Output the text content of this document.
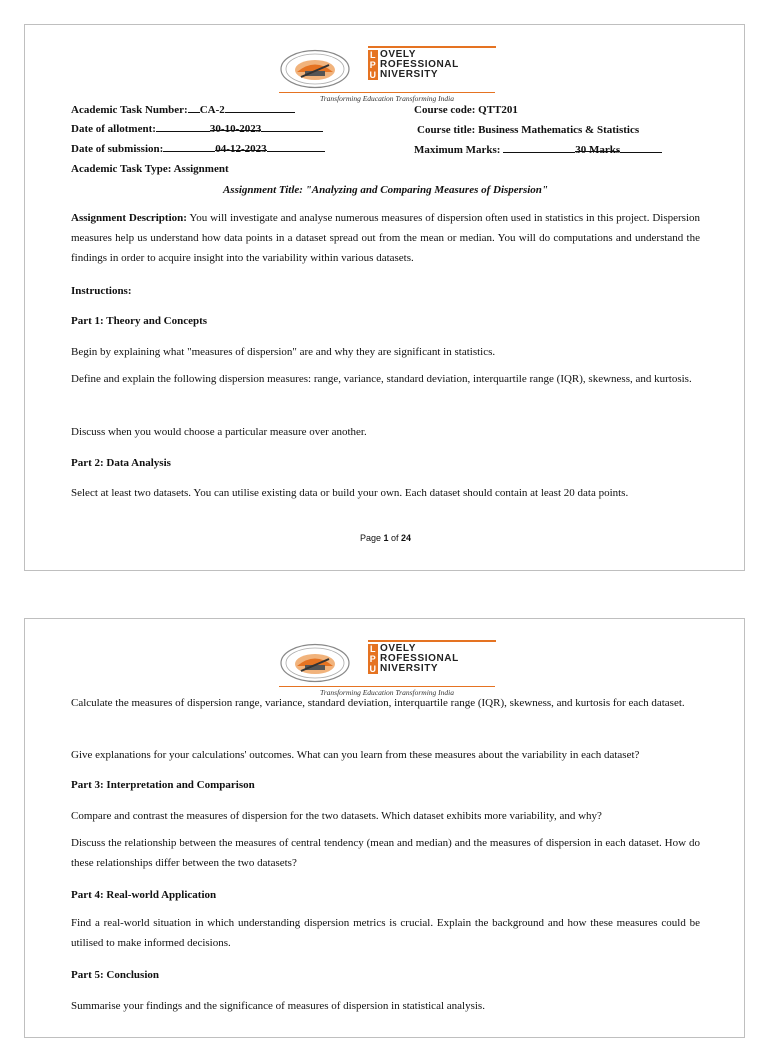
L OVELY
P ROFESSIONAL
U NIVERSITY
Transforming Education Transforming India
Academic Task Number: CA-2
Date of allotment:	30-10-2023
Date of submission:	04-12-2023
Academic Task Type: Assignment
Course code: QTT201
Course title: Business Mathematics & Statistics
Maximum Marks:	30 Marks
Assignment Title: "Analyzing and Comparing Measures of Dispersion"
Assignment Description: You will investigate and analyse numerous measures of dispersion often used in statistics in this project. Dispersion measures help us understand how data points in a dataset spread out from the mean or median. You will do computations and understand the findings in order to acquire insight into the variability within various datasets.
Instructions:
Part 1: Theory and Concepts
Begin by explaining what "measures of dispersion" are and why they are significant in statistics.
Define and explain the following dispersion measures: range, variance, standard deviation, interquartile range (IQR), skewness, and kurtosis.
Discuss when you would choose a particular measure over another.
Part 2: Data Analysis
Select at least two datasets. You can utilise existing data or build your own. Each dataset should contain at least 20 data points.
Page 1 of 24
L OVELY
P ROFESSIONAL
U NIVERSITY
Transforming Education Transforming India
Calculate the measures of dispersion range, variance, standard deviation, interquartile range (IQR), skewness, and kurtosis for each dataset.
Give explanations for your calculations' outcomes. What can you learn from these measures about the variability in each dataset?
Part 3: Interpretation and Comparison
Compare and contrast the measures of dispersion for the two datasets. Which dataset exhibits more variability, and why?
Discuss the relationship between the measures of central tendency (mean and median) and the measures of dispersion in each dataset. How do these relationships differ between the two datasets?
Part 4: Real-world Application
Find a real-world situation in which understanding dispersion metrics is crucial. Explain the background and how these measures could be utilised to make informed decisions.
Part 5: Conclusion
Summarise your findings and the significance of measures of dispersion in statistical analysis.
